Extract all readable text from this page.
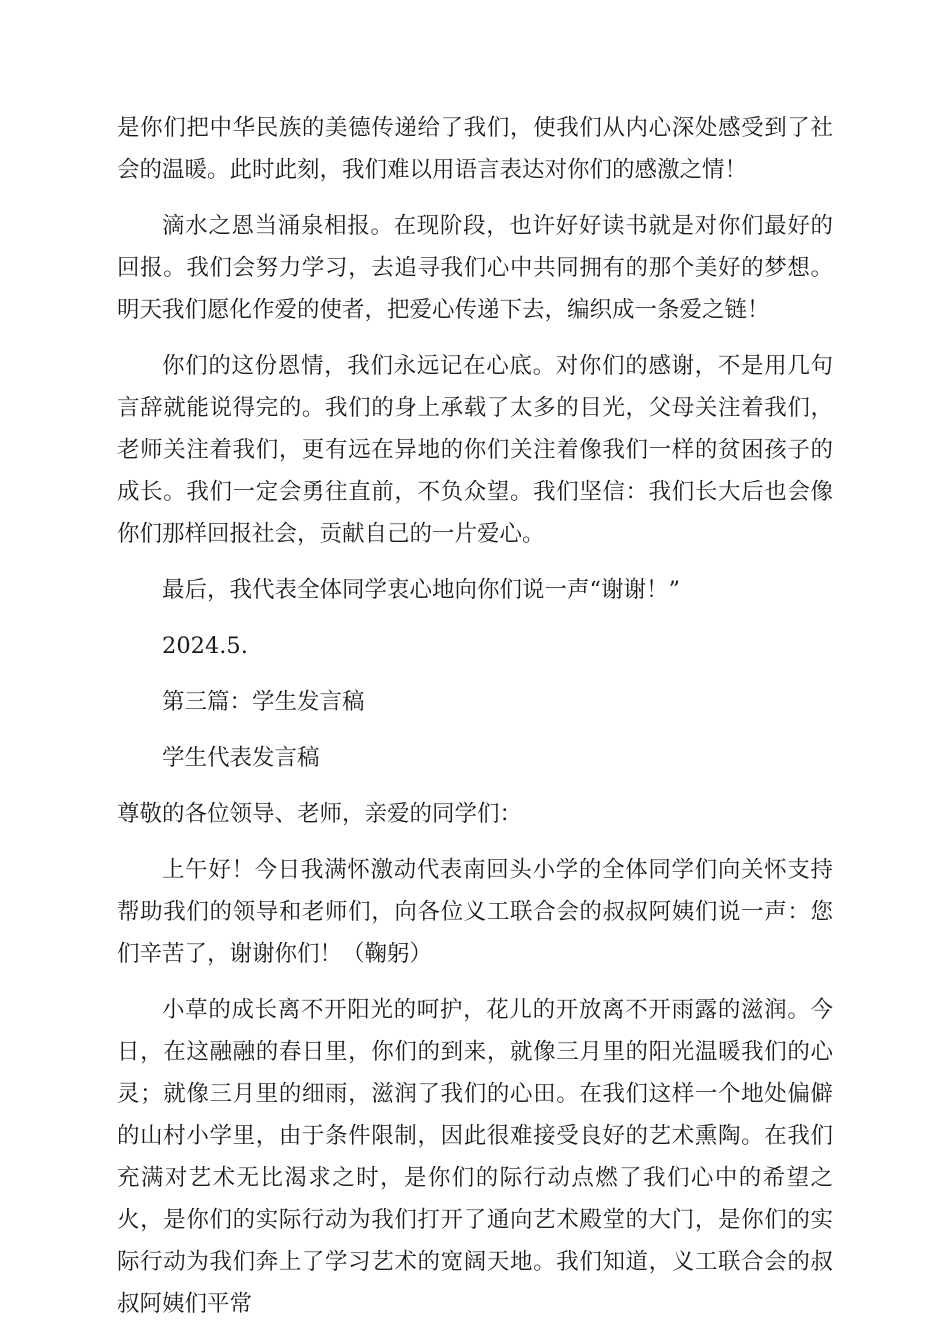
是你们把中华民族的美德传递给了我们，使我们从内心深处感受到了社会的温暖。此时此刻，我们难以用语言表达对你们的感激之情！

滴水之恩当涌泉相报。在现阶段，也许好好读书就是对你们最好的回报。我们会努力学习，去追寻我们心中共同拥有的那个美好的梦想。明天我们愿化作爱的使者，把爱心传递下去，编织成一条爱之链！

你们的这份恩情，我们永远记在心底。对你们的感谢，不是用几句言辞就能说得完的。我们的身上承载了太多的目光，父母关注着我们，老师关注着我们，更有远在异地的你们关注着像我们一样的贫困孩子的成长。我们一定会勇往直前，不负众望。我们坚信：我们长大后也会像你们那样回报社会，贡献自己的一片爱心。

最后，我代表全体同学衷心地向你们说一声“谢谢！”

2024.5.

第三篇：学生发言稿

学生代表发言稿

尊敬的各位领导、老师，亲爱的同学们：

上午好！今日我满怀激动代表南回头小学的全体同学们向关怀支持帮助我们的领导和老师们，向各位义工联合会的叔叔阿姨们说一声：您们辛苦了，谢谢你们！（鞠躬）

小草的成长离不开阳光的呵护，花儿的开放离不开雨露的滋润。今日，在这融融的春日里，你们的到来，就像三月里的阳光温暖我们的心灵；就像三月里的细雨，滋润了我们的心田。在我们这样一个地处偏僻的山村小学里，由于条件限制，因此很难接受良好的艺术熏陶。在我们充满对艺术无比渴求之时，是你们的际行动点燃了我们心中的希望之火，是你们的实际行动为我们打开了通向艺术殿堂的大门，是你们的实际行动为我们奔上了学习艺术的宽阔天地。我们知道，义工联合会的叔叔阿姨们平常
